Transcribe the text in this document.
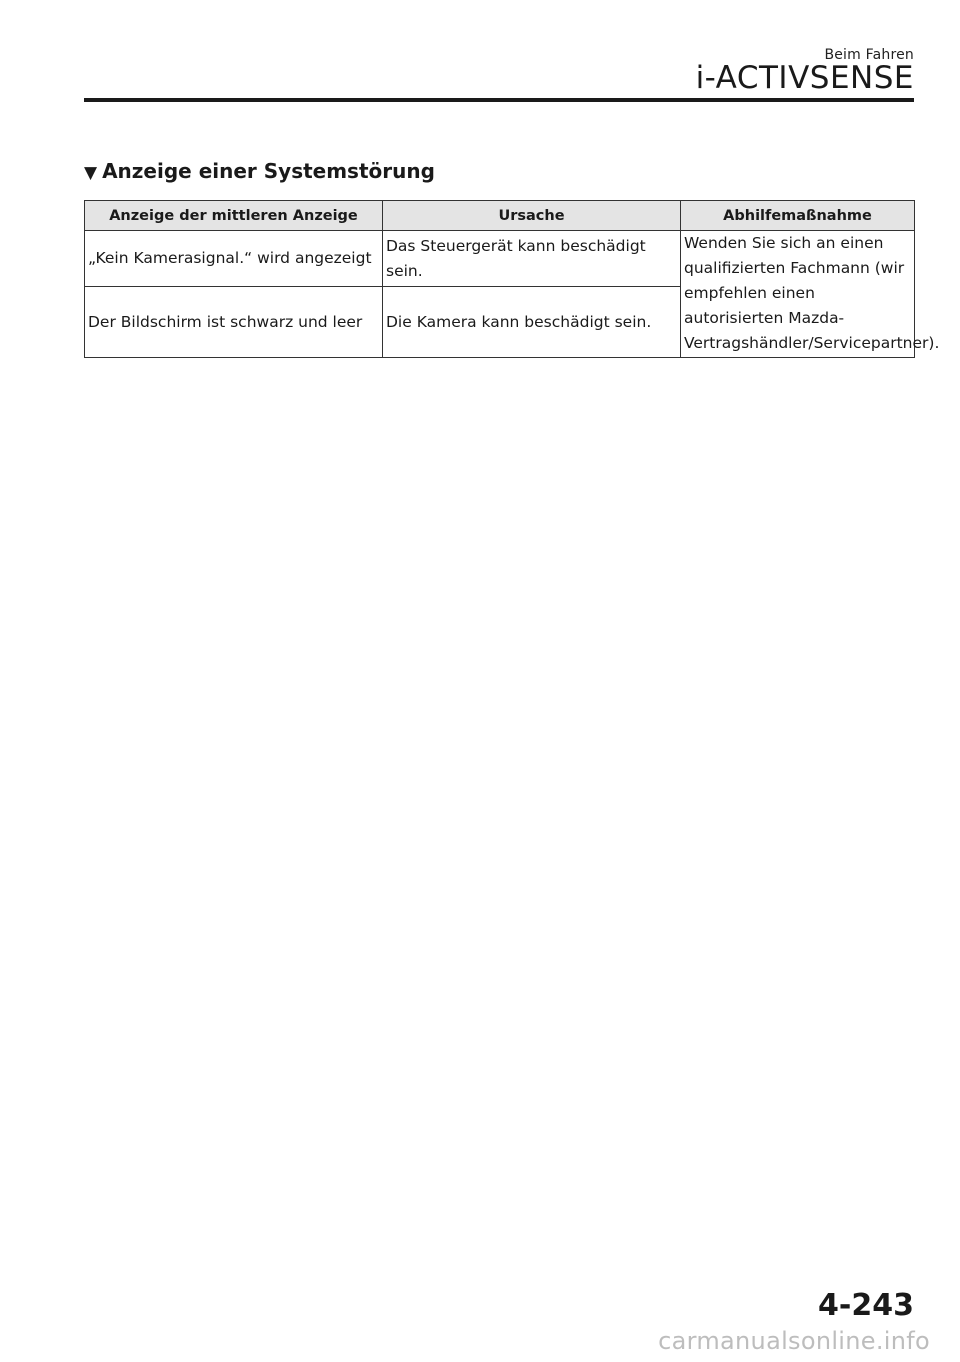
Beim Fahren
i-ACTIVSENSE
▼ Anzeige einer Systemstörung
Anzeige der mittleren Anzeige	Ursache	Abhilfemaßnahme
„Kein Kamerasignal.“ wird angezeigt	Das Steuergerät kann beschädigt sein.	Wenden Sie sich an einen qualifizierten Fachmann (wir empfehlen einen autorisierten Mazda-Vertragshändler/Servicepartner).
Der Bildschirm ist schwarz und leer	Die Kamera kann beschädigt sein.	
4-243
carmanualsonline.info
